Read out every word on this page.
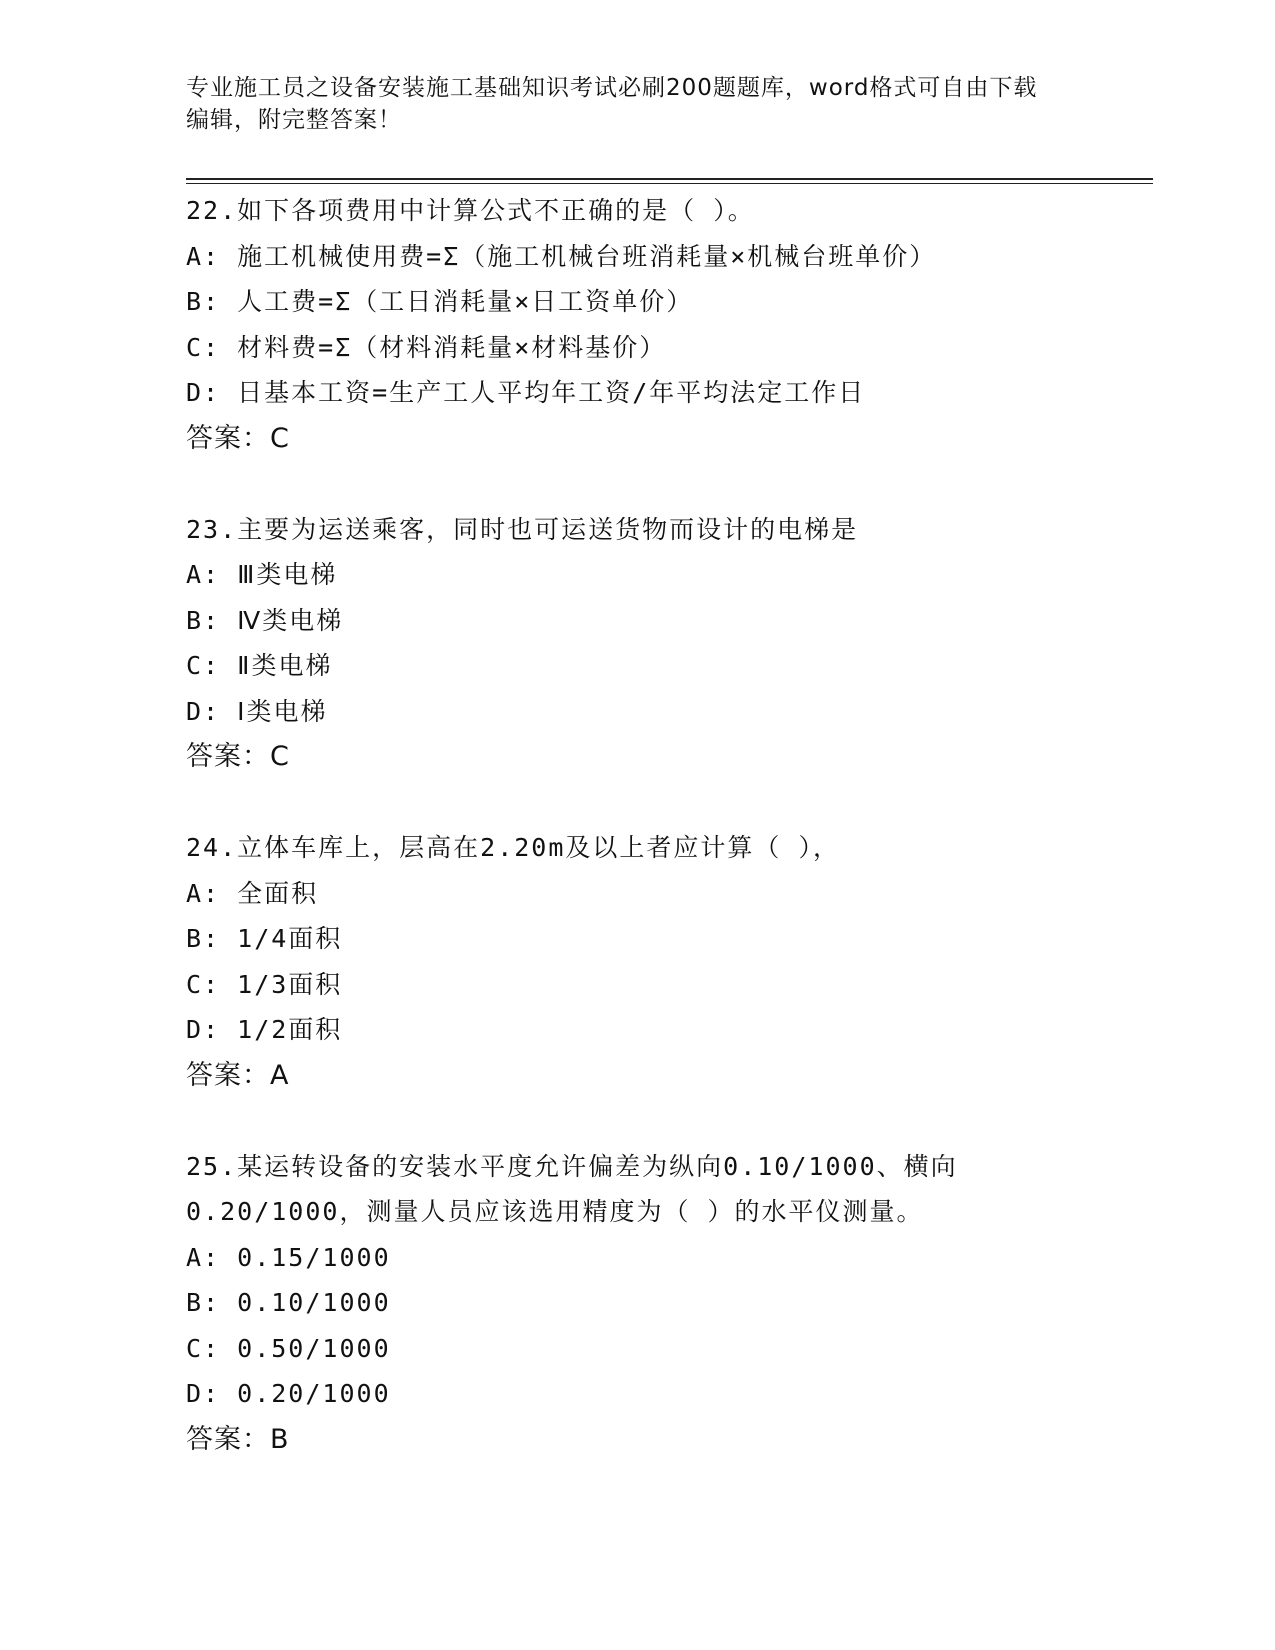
专业施工员之设备安装施工基础知识考试必刷200题题库，word格式可自由下载
编辑，附完整答案！
22.如下各项费用中计算公式不正确的是（ ）。
A: 施工机械使用费=Σ（施工机械台班消耗量×机械台班单价）
B: 人工费=Σ（工日消耗量×日工资单价）
C: 材料费=Σ（材料消耗量×材料基价）
D: 日基本工资=生产工人平均年工资/年平均法定工作日
答案：C
23.主要为运送乘客，同时也可运送货物而设计的电梯是
A: Ⅲ类电梯
B: Ⅳ类电梯
C: Ⅱ类电梯
D: Ⅰ类电梯
答案：C
24.立体车库上，层高在2.20m及以上者应计算（ ），
A: 全面积
B: 1/4面积
C: 1/3面积
D: 1/2面积
答案：A
25.某运转设备的安装水平度允许偏差为纵向0.10/1000、横向
0.20/1000，测量人员应该选用精度为（ ）的水平仪测量。
A: 0.15/1000
B: 0.10/1000
C: 0.50/1000
D: 0.20/1000
答案：B
